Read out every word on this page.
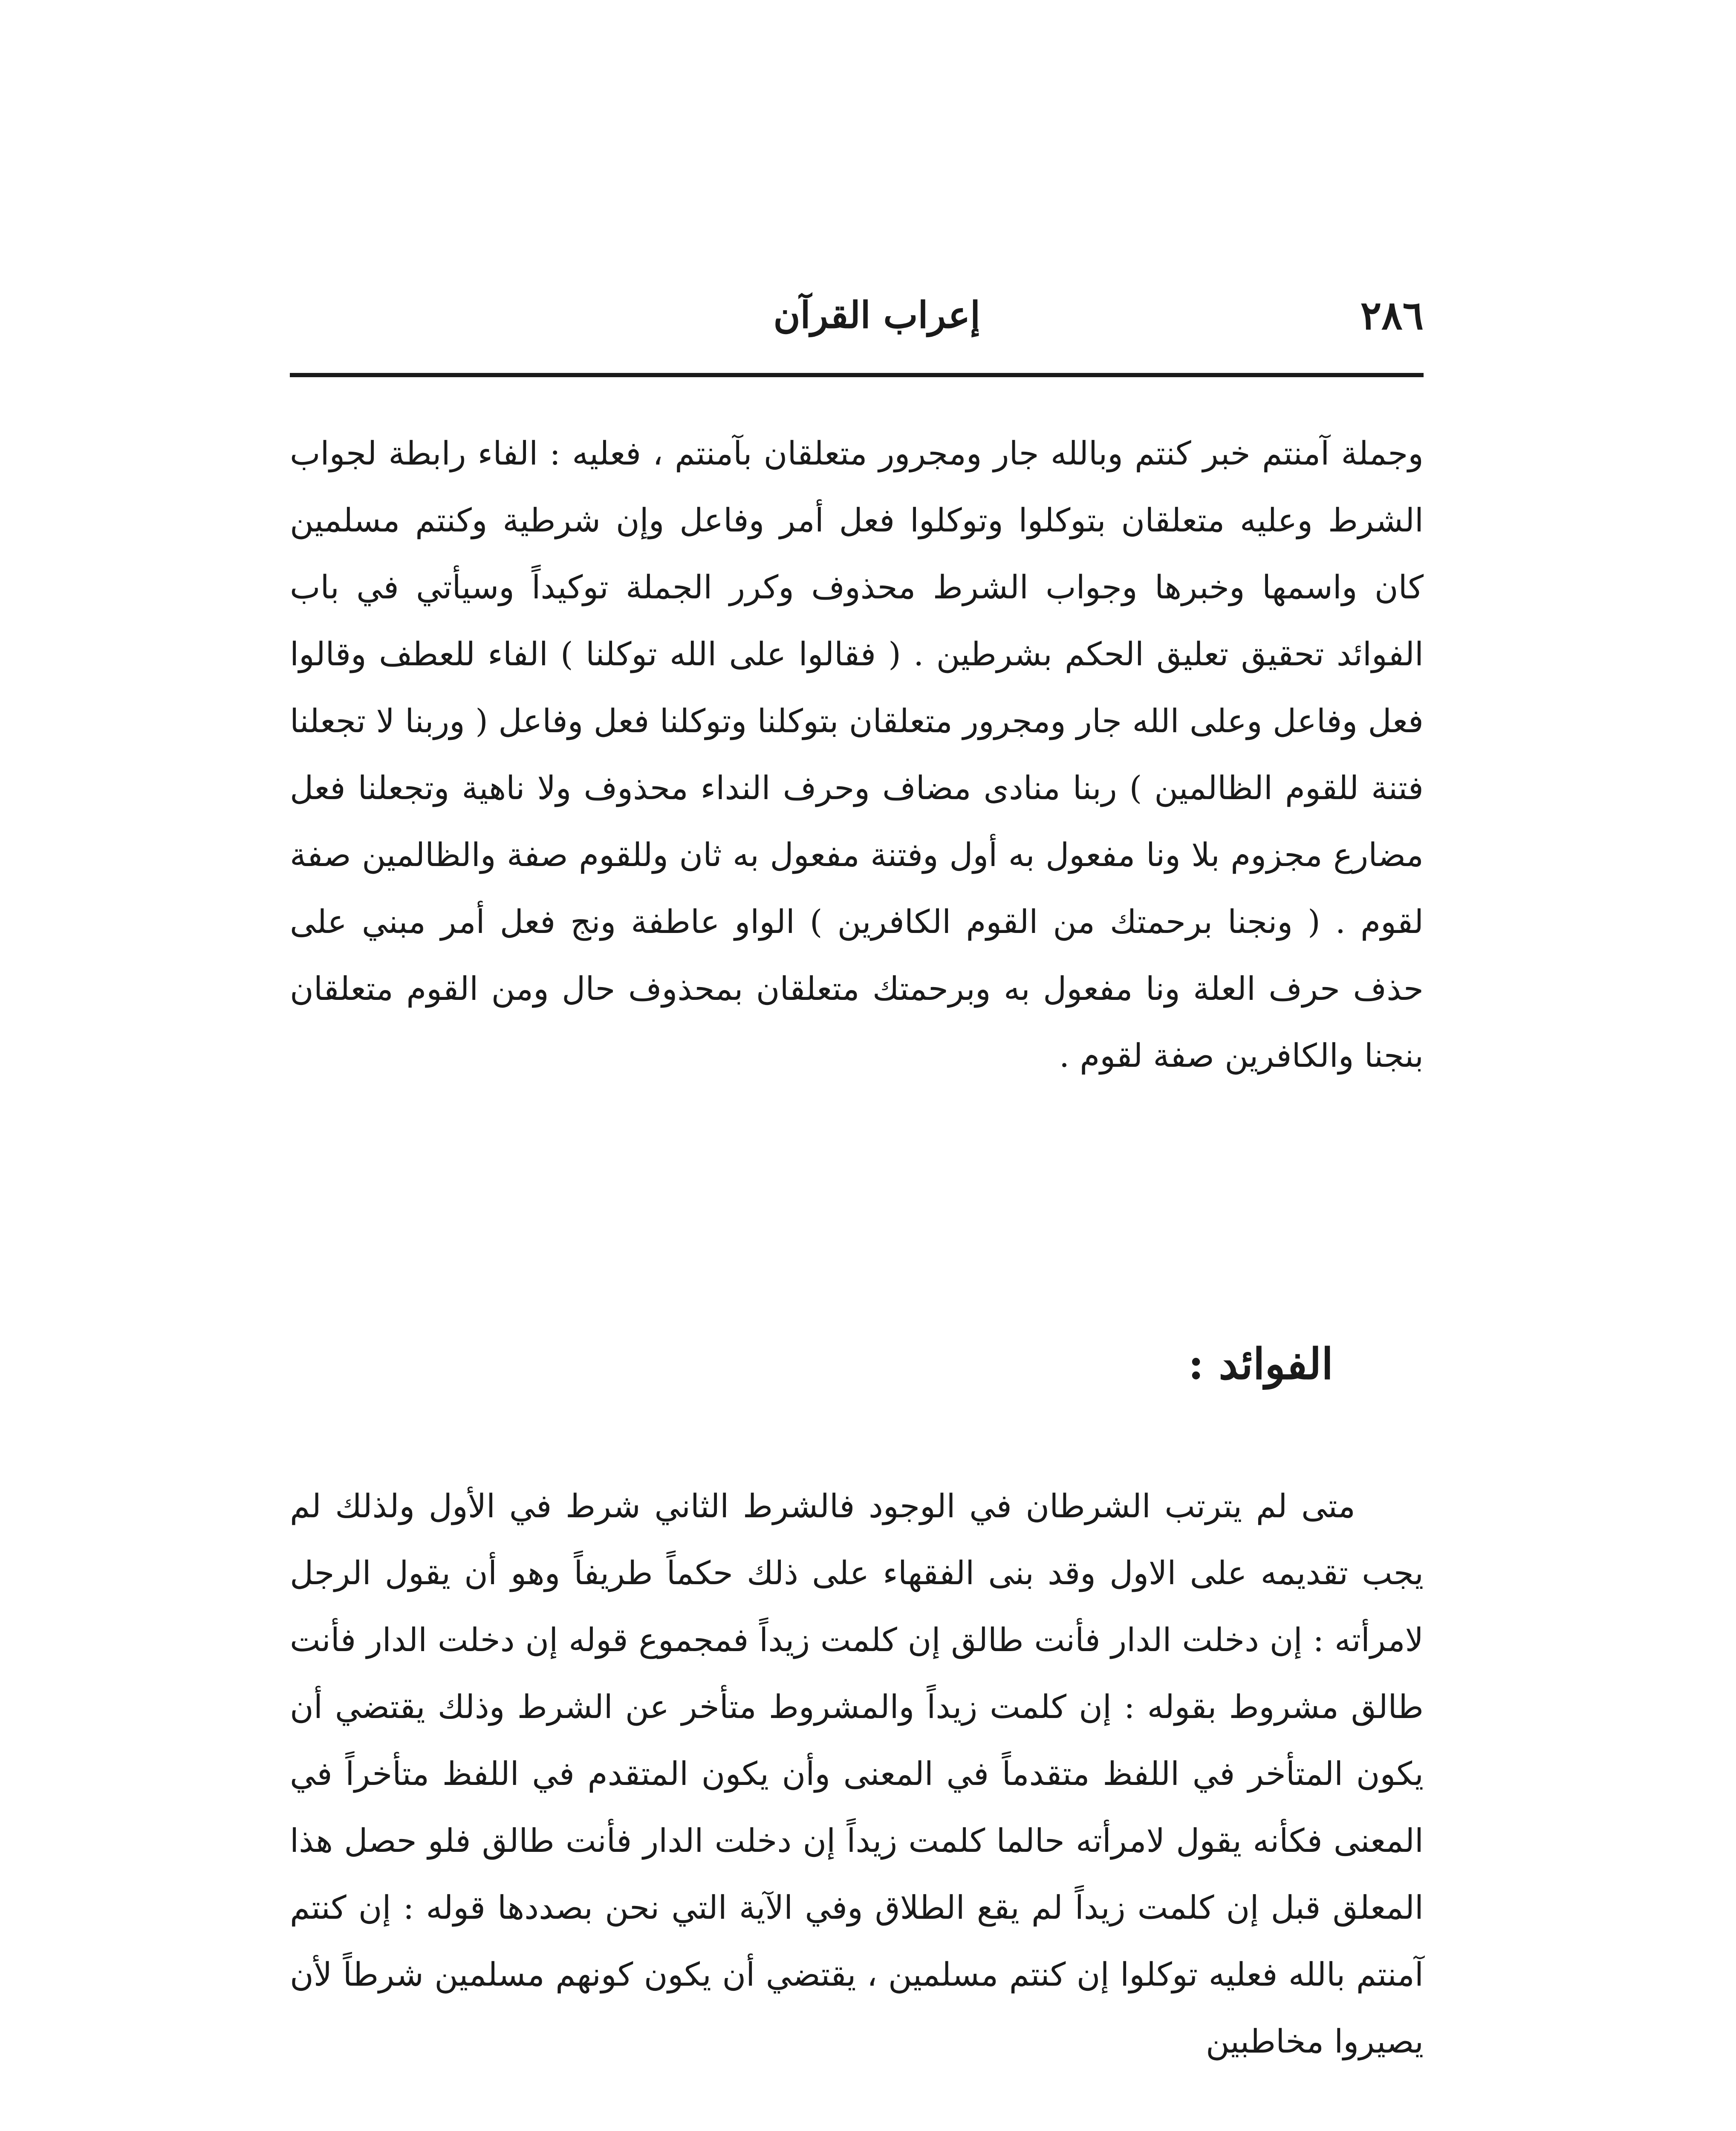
٢٨٦
إعراب القرآن

وجملة آمنتم خبر كنتم وبالله جار ومجرور متعلقان بآمنتم ، فعليه : الفاء رابطة لجواب الشرط وعليه متعلقان بتوكلوا وتوكلوا فعل أمر وفاعل وإن شرطية وكنتم مسلمين كان واسمها وخبرها وجواب الشرط محذوف وكرر الجملة توكيداً وسيأتي في باب الفوائد تحقيق تعليق الحكم بشرطين . ( فقالوا على الله توكلنا ) الفاء للعطف وقالوا فعل وفاعل وعلى الله جار ومجرور متعلقان بتوكلنا وتوكلنا فعل وفاعل ( وربنا لا تجعلنا فتنة للقوم الظالمين ) ربنا منادى مضاف وحرف النداء محذوف ولا ناهية وتجعلنا فعل مضارع مجزوم بلا ونا مفعول به أول وفتنة مفعول به ثان وللقوم صفة والظالمين صفة لقوم . ( ونجنا برحمتك من القوم الكافرين ) الواو عاطفة ونج فعل أمر مبني على حذف حرف العلة ونا مفعول به وبرحمتك متعلقان بمحذوف حال ومن القوم متعلقان بنجنا والكافرين صفة لقوم .

الفوائد :

متى لم يترتب الشرطان في الوجود فالشرط الثاني شرط في الأول ولذلك لم يجب تقديمه على الاول وقد بنى الفقهاء على ذلك حكماً طريفاً وهو أن يقول الرجل لامرأته : إن دخلت الدار فأنت طالق إن كلمت زيداً فمجموع قوله إن دخلت الدار فأنت طالق مشروط بقوله : إن كلمت زيداً والمشروط متأخر عن الشرط وذلك يقتضي أن يكون المتأخر في اللفظ متقدماً في المعنى وأن يكون المتقدم في اللفظ متأخراً في المعنى فكأنه يقول لامرأته حالما كلمت زيداً إن دخلت الدار فأنت طالق فلو حصل هذا المعلق قبل إن كلمت زيداً لم يقع الطلاق وفي الآية التي نحن بصددها قوله : إن كنتم آمنتم بالله فعليه توكلوا إن كنتم مسلمين ، يقتضي أن يكون كونهم مسلمين شرطاً لأن يصيروا مخاطبين
